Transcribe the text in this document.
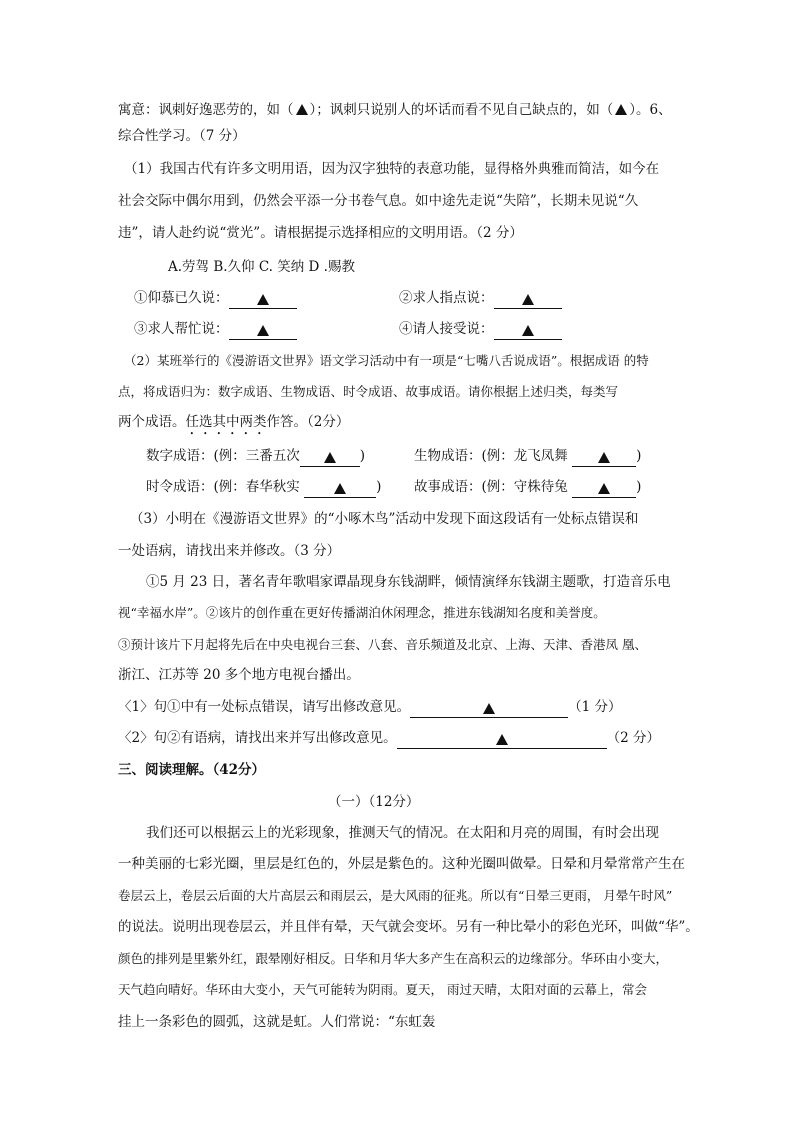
寓意：讽刺好逸恶劳的，如（ ）；讽刺只说别人的坏话而看不见自己缺点的，如（ ）。6、
综合性学习。（7 分）
（1）我国古代有许多文明用语，因为汉字独特的表意功能，显得格外典雅而简洁，如今在
社会交际中偶尔用到，仍然会平添一分书卷气息。如中途先走说“失陪”，长期未见说“久
违”，请人赴约说“赏光”。请根据提示选择相应的文明用语。（2 分）
A.劳驾 B.久仰 C. 笑纳 D .赐教
①仰慕已久说：	②求人指点说：
③求人帮忙说：	④请人接受说：
（2）某班举行的《漫游语文世界》语文学习活动中有一项是“七嘴八舌说成语”。根据成语 的特
点，将成语归为：数字成语、生物成语、时令成语、故事成语。请你根据上述归类，每类写
两个成语。任选其中两类作答。（2分）
数字成语：(例：三番五次	)	生物成语：(例：龙飞凤舞	)
时令成语：(例：春华秋实	) 故事成语：(例：守株待兔	)
（3）小明在《漫游语文世界》的“小啄木鸟”活动中发现下面这段话有一处标点错误和
一处语病，请找出来并修改。（3 分）
①5 月 23 日，著名青年歌唱家谭晶现身东钱湖畔，倾情演绎东钱湖主题歌，打造音乐电
视“幸福水岸”。②该片的创作重在更好传播湖泊休闲理念，推进东钱湖知名度和美誉度。
③预计该片下月起将先后在中央电视台三套、八套、音乐频道及北京、上海、天津、香港凤 凰、
浙江、江苏等 20 多个地方电视台播出。
〈1〉句①中有一处标点错误，请写出修改意见。	（1 分）
〈2〉句②有语病，请找出来并写出修改意见。	（2 分）
三、阅读理解。（42分）
（一）（12分）
我们还可以根据云上的光彩现象，推测天气的情况。在太阳和月亮的周围，有时会出现
一种美丽的七彩光圈，里层是红色的，外层是紫色的。这种光圈叫做晕。日晕和月晕常常产生在
卷层云上，卷层云后面的大片高层云和雨层云，是大风雨的征兆。所以有“日晕三更雨， 月晕午时风”
的说法。说明出现卷层云，并且伴有晕，天气就会变坏。另有一种比晕小的彩色光环，叫做“华”。
颜色的排列是里紫外红，跟晕刚好相反。日华和月华大多产生在高积云的边缘部分。华环由小变大，
天气趋向晴好。华环由大变小，天气可能转为阴雨。夏天， 雨过天晴，太阳对面的云幕上，常会
挂上一条彩色的圆弧，这就是虹。人们常说：“东虹轰
